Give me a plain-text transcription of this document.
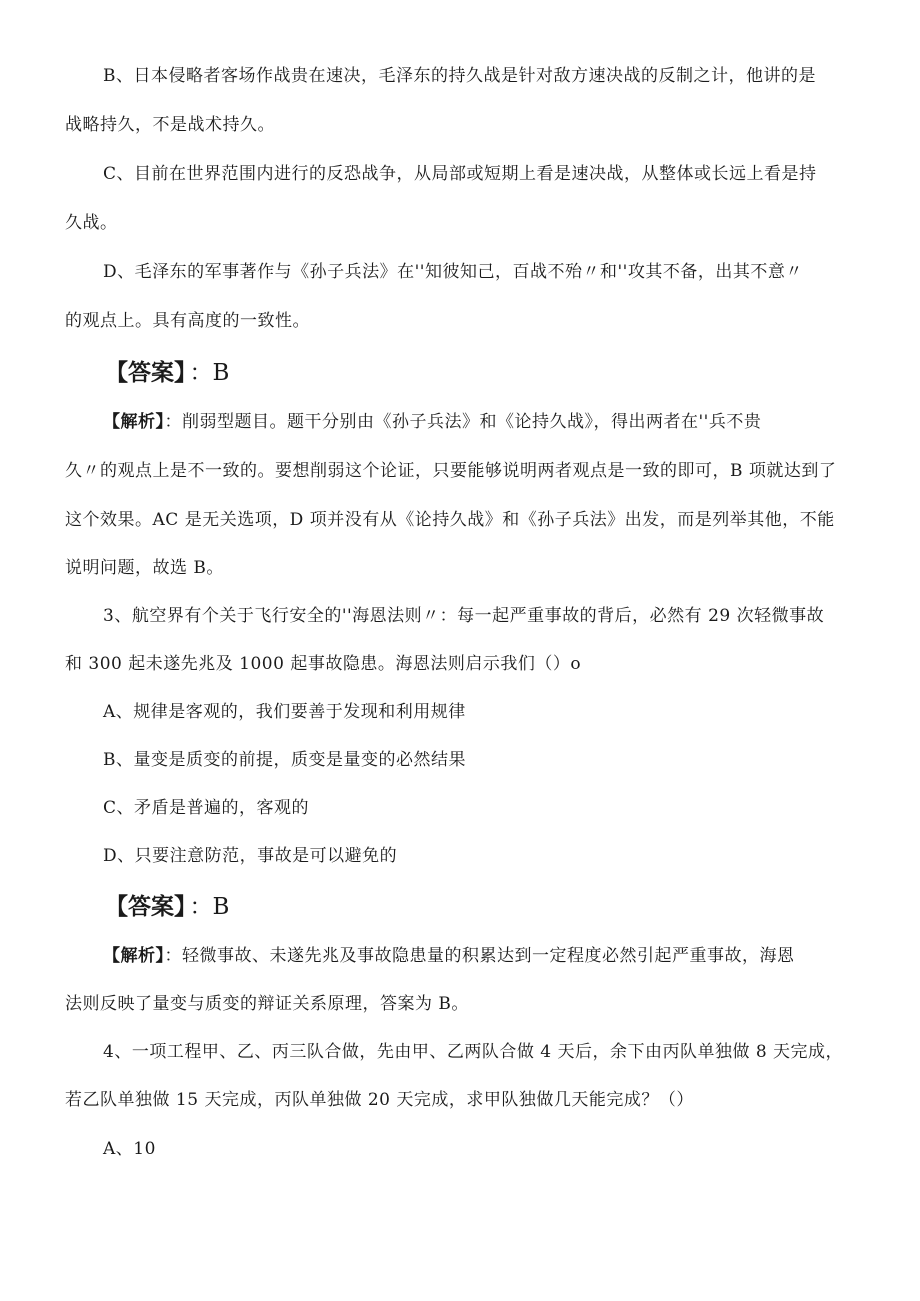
B、日本侵略者客场作战贵在速决，毛泽东的持久战是针对敌方速决战的反制之计，他讲的是
战略持久，不是战术持久。
C、目前在世界范围内进行的反恐战争，从局部或短期上看是速决战，从整体或长远上看是持
久战。
D、毛泽东的军事著作与《孙子兵法》在''知彼知己，百战不殆〃和''攻其不备，出其不意〃
的观点上。具有高度的一致性。
【答案】 ：B
【解析】：削弱型题目。题干分别由《孙子兵法》和《论持久战》，得出两者在''兵不贵
久〃的观点上是不一致的。要想削弱这个论证，只要能够说明两者观点是一致的即可，B 项就达到了
这个效果。AC 是无关选项，D 项并没有从《论持久战》和《孙子兵法》出发，而是列举其他，不能
说明问题，故选 B。
3、航空界有个关于飞行安全的''海恩法则〃：每一起严重事故的背后，必然有 29 次轻微事故
和 300 起未遂先兆及 1000 起事故隐患。海恩法则启示我们（）o
A、规律是客观的，我们要善于发现和利用规律
B、量变是质变的前提，质变是量变的必然结果
C、矛盾是普遍的，客观的
D、只要注意防范，事故是可以避免的
【答案】 ：B
【解析】：轻微事故、未遂先兆及事故隐患量的积累达到一定程度必然引起严重事故，海恩
法则反映了量变与质变的辩证关系原理，答案为 B。
4、一项工程甲、乙、丙三队合做，先由甲、乙两队合做 4 天后，余下由丙队单独做 8 天完成，
若乙队单独做 15 天完成，丙队单独做 20 天完成，求甲队独做几天能完成？（）
A、10
